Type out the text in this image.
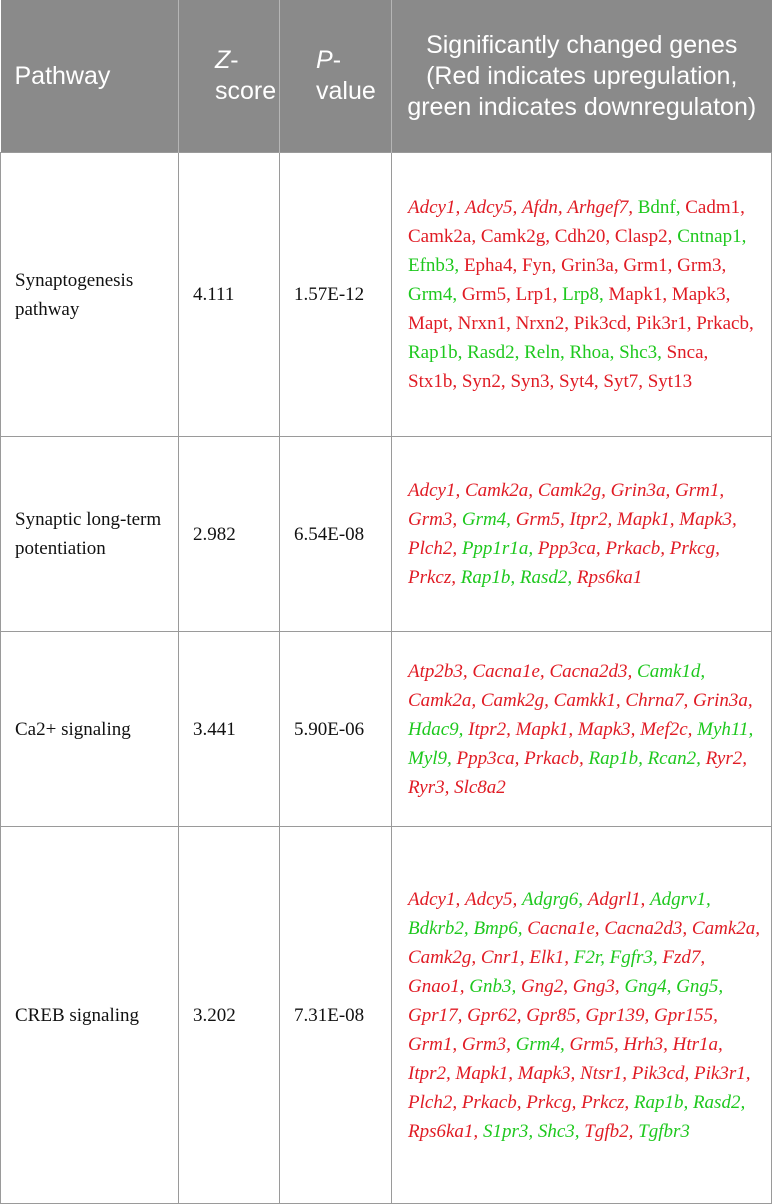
Pathway	Z-score	P-value	Significantly changed genes (Red indicates upregulation, green indicates downregulaton)
Synaptogenesis pathway	4.111	1.57E-12	Adcy1, Adcy5, Afdn, Arhgef7, Bdnf, Cadm1, Camk2a, Camk2g, Cdh20, Clasp2, Cntnap1, Efnb3, Epha4, Fyn, Grin3a, Grm1, Grm3, Grm4, Grm5, Lrp1, Lrp8, Mapk1, Mapk3, Mapt, Nrxn1, Nrxn2, Pik3cd, Pik3r1, Prkacb, Rap1b, Rasd2, Reln, Rhoa, Shc3, Snca, Stx1b, Syn2, Syn3, Syt4, Syt7, Syt13
Synaptic long-term potentiation	2.982	6.54E-08	Adcy1, Camk2a, Camk2g, Grin3a, Grm1, Grm3, Grm4, Grm5, Itpr2, Mapk1, Mapk3, Plch2, Ppp1r1a, Ppp3ca, Prkacb, Prkcg, Prkcz, Rap1b, Rasd2, Rps6ka1
Ca2+ signaling	3.441	5.90E-06	Atp2b3, Cacna1e, Cacna2d3, Camk1d, Camk2a, Camk2g, Camkk1, Chrna7, Grin3a, Hdac9, Itpr2, Mapk1, Mapk3, Mef2c, Myh11, Myl9, Ppp3ca, Prkacb, Rap1b, Rcan2, Ryr2, Ryr3, Slc8a2
CREB signaling	3.202	7.31E-08	Adcy1, Adcy5, Adgrg6, Adgrl1, Adgrv1, Bdkrb2, Bmp6, Cacna1e, Cacna2d3, Camk2a, Camk2g, Cnr1, Elk1, F2r, Fgfr3, Fzd7, Gnao1, Gnb3, Gng2, Gng3, Gng4, Gng5, Gpr17, Gpr62, Gpr85, Gpr139, Gpr155, Grm1, Grm3, Grm4, Grm5, Hrh3, Htr1a, Itpr2, Mapk1, Mapk3, Ntsr1, Pik3cd, Pik3r1, Plch2, Prkacb, Prkcg, Prkcz, Rap1b, Rasd2, Rps6ka1, S1pr3, Shc3, Tgfb2, Tgfbr3
